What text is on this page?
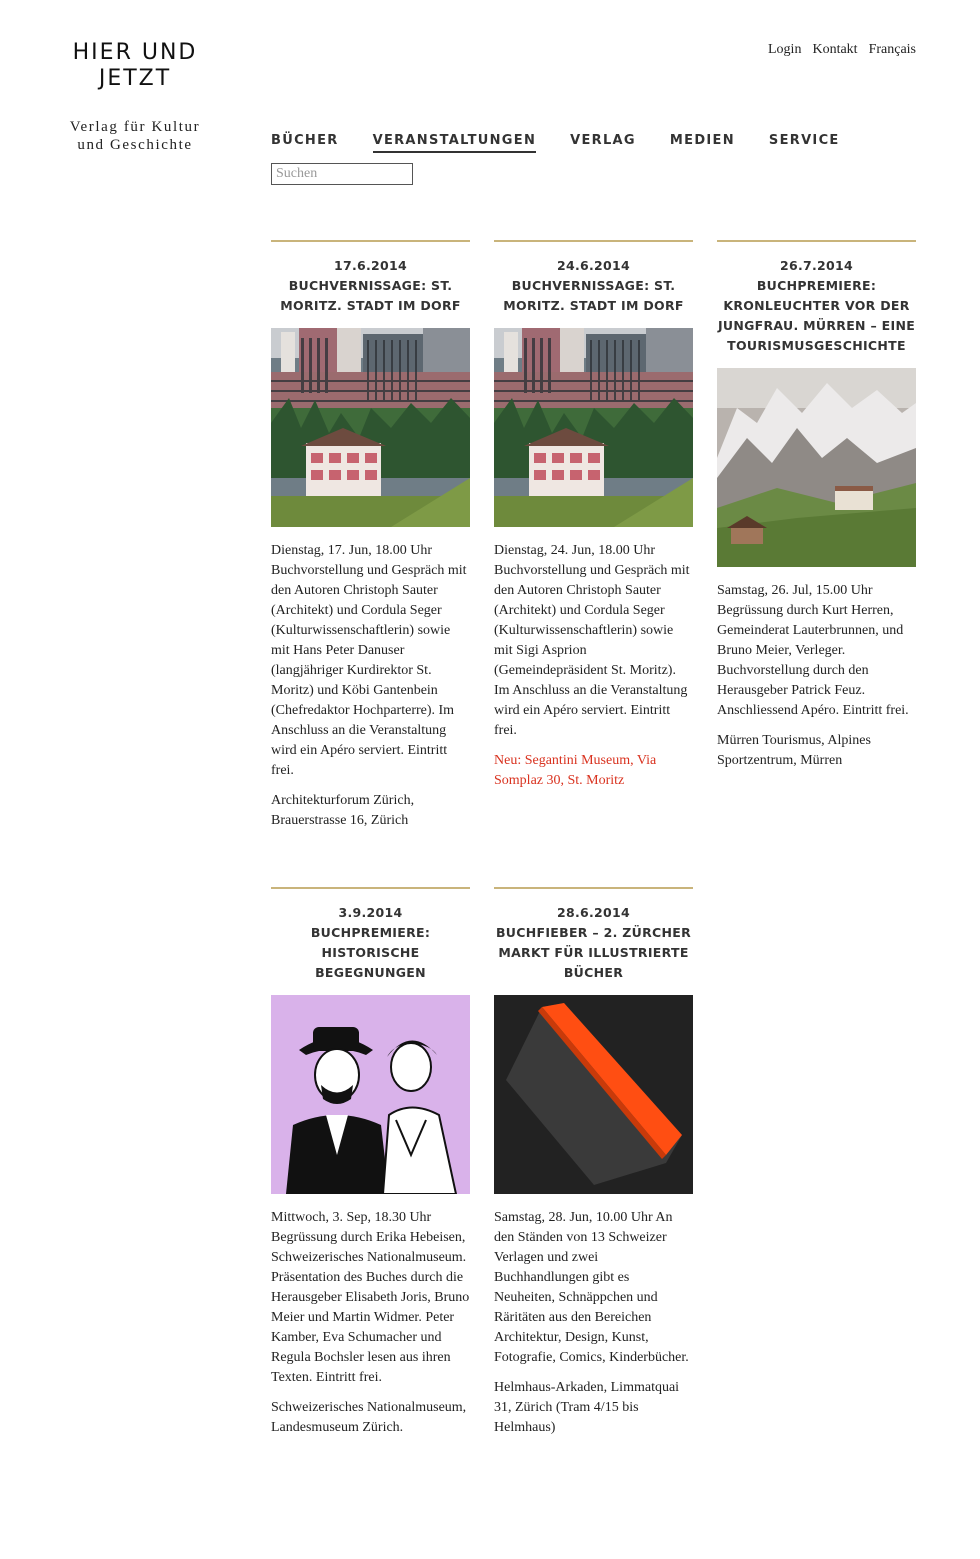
HIER UND JETZT
Verlag für Kultur
und Geschichte
Login Kontakt Français
BÜCHER	VERANSTALTUNGEN	VERLAG	MEDIEN	SERVICE
Suchen
17.6.2014
BUCHVERNISSAGE: ST. MORITZ. STADT IM DORF
Dienstag, 17. Jun, 18.00 Uhr Buchvorstellung und Gespräch mit den Autoren Christoph Sauter (Architekt) und Cordula Seger (Kulturwissenschaftlerin) sowie mit Hans Peter Danuser (langjähriger Kurdirektor St. Moritz) und Köbi Gantenbein (Chefredaktor Hochparterre). Im Anschluss an die Veranstaltung wird ein Apéro serviert. Eintritt frei.
Architekturforum Zürich, Brauerstrasse 16, Zürich
24.6.2014
BUCHVERNISSAGE: ST. MORITZ. STADT IM DORF
Dienstag, 24. Jun, 18.00 Uhr Buchvorstellung und Gespräch mit den Autoren Christoph Sauter (Architekt) und Cordula Seger (Kulturwissenschaftlerin) sowie mit Sigi Asprion (Gemeindepräsident St. Moritz). Im Anschluss an die Veranstaltung wird ein Apéro serviert. Eintritt frei.
Neu: Segantini Museum, Via Somplaz 30, St. Moritz
26.7.2014
BUCHPREMIERE: KRONLEUCHTER VOR DER JUNGFRAU. MÜRREN – EINE TOURISMUSGESCHICHTE
Samstag, 26. Jul, 15.00 Uhr Begrüssung durch Kurt Herren, Gemeinderat Lauterbrunnen, und Bruno Meier, Verleger. Buchvorstellung durch den Herausgeber Patrick Feuz. Anschliessend Apéro. Eintritt frei.
Mürren Tourismus, Alpines Sportzentrum, Mürren
3.9.2014
BUCHPREMIERE: HISTORISCHE BEGEGNUNGEN
Mittwoch, 3. Sep, 18.30 Uhr Begrüssung durch Erika Hebeisen, Schweizerisches Nationalmuseum. Präsentation des Buches durch die Herausgeber Elisabeth Joris, Bruno Meier und Martin Widmer. Peter Kamber, Eva Schumacher und Regula Bochsler lesen aus ihren Texten. Eintritt frei.
Schweizerisches Nationalmuseum, Landesmuseum Zürich.
28.6.2014
BUCHFIEBER – 2. ZÜRCHER MARKT FÜR ILLUSTRIERTE BÜCHER
Samstag, 28. Jun, 10.00 Uhr An den Ständen von 13 Schweizer Verlagen und zwei Buchhandlungen gibt es Neuheiten, Schnäppchen und Räritäten aus den Bereichen Architektur, Design, Kunst, Fotografie, Comics, Kinderbücher.
Helmhaus-Arkaden, Limmatquai 31, Zürich (Tram 4/15 bis Helmhaus)
